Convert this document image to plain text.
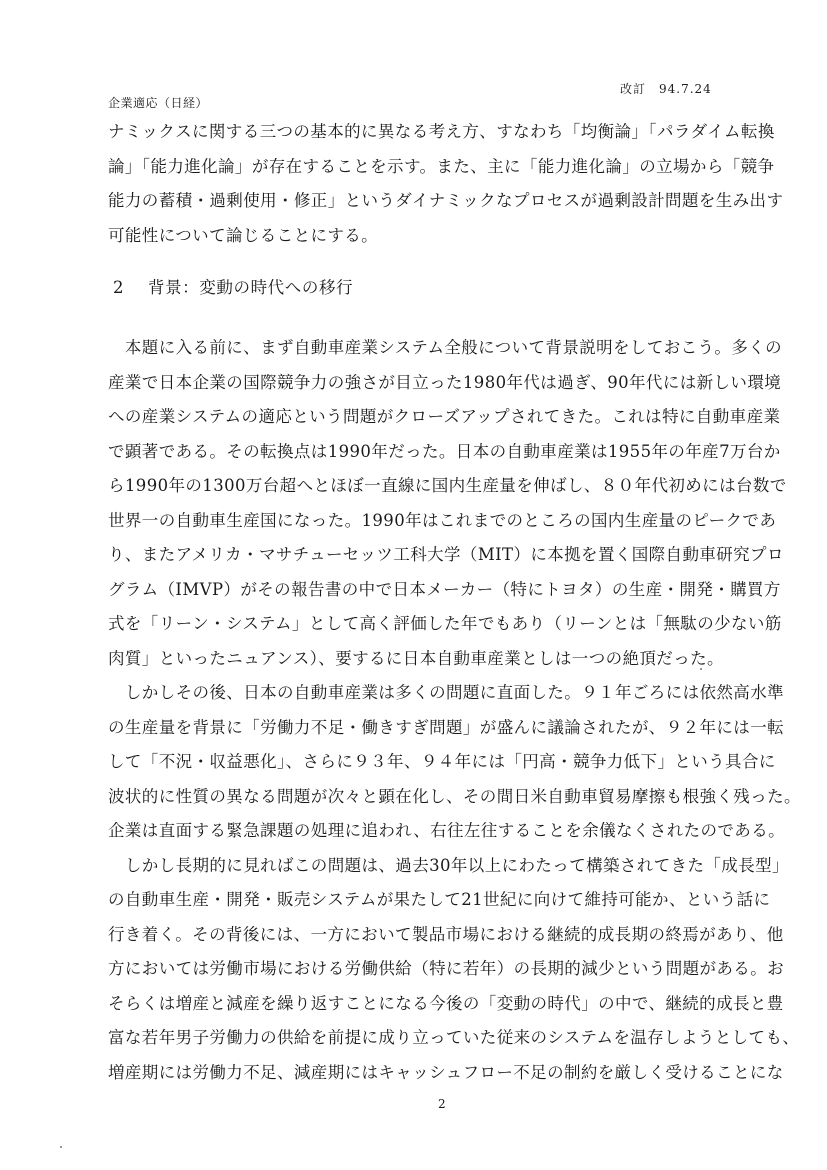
企業適応（日経）
改訂　94.7.24
ナミックスに関する三つの基本的に異なる考え方、すなわち「均衡論」「パラダイム転換
論」「能力進化論」が存在することを示す。また、主に「能力進化論」の立場から「競争
能力の蓄積・過剰使用・修正」というダイナミックなプロセスが過剰設計問題を生み出す
可能性について論じることにする。
2 背景：変動の時代への移行
　本題に入る前に、まず自動車産業システム全般について背景説明をしておこう。多くの
産業で日本企業の国際競争力の強さが目立った1980年代は過ぎ、90年代には新しい環境
への産業システムの適応という問題がクローズアップされてきた。これは特に自動車産業
で顕著である。その転換点は1990年だった。日本の自動車産業は1955年の年産7万台か
ら1990年の1300万台超へとほぼ一直線に国内生産量を伸ばし、８０年代初めには台数で
世界一の自動車生産国になった。1990年はこれまでのところの国内生産量のピークであ
り、またアメリカ・マサチューセッツ工科大学（MIT）に本拠を置く国際自動車研究プロ
グラム（IMVP）がその報告書の中で日本メーカー（特にトヨタ）の生産・開発・購買方
式を「リーン・システム」として高く評価した年でもあり（リーンとは「無駄の少ない筋
肉質」といったニュアンス）、要するに日本自動車産業としは一つの絶頂だった。
　しかしその後、日本の自動車産業は多くの問題に直面した。９１年ごろには依然高水準
の生産量を背景に「労働力不足・働きすぎ問題」が盛んに議論されたが、９２年には一転
して「不況・収益悪化」、さらに９３年、９４年には「円高・競争力低下」という具合に
波状的に性質の異なる問題が次々と顕在化し、その間日米自動車貿易摩擦も根強く残った。
企業は直面する緊急課題の処理に追われ、右往左往することを余儀なくされたのである。
　しかし長期的に見ればこの問題は、過去30年以上にわたって構築されてきた「成長型」
の自動車生産・開発・販売システムが果たして21世紀に向けて維持可能か、という話に
行き着く。その背後には、一方において製品市場における継続的成長期の終焉があり、他
方においては労働市場における労働供給（特に若年）の長期的減少という問題がある。お
そらくは増産と減産を繰り返すことになる今後の「変動の時代」の中で、継続的成長と豊
富な若年男子労働力の供給を前提に成り立っていた従来のシステムを温存しようとしても、
増産期には労働力不足、減産期にはキャッシュフロー不足の制約を厳しく受けることにな
2
